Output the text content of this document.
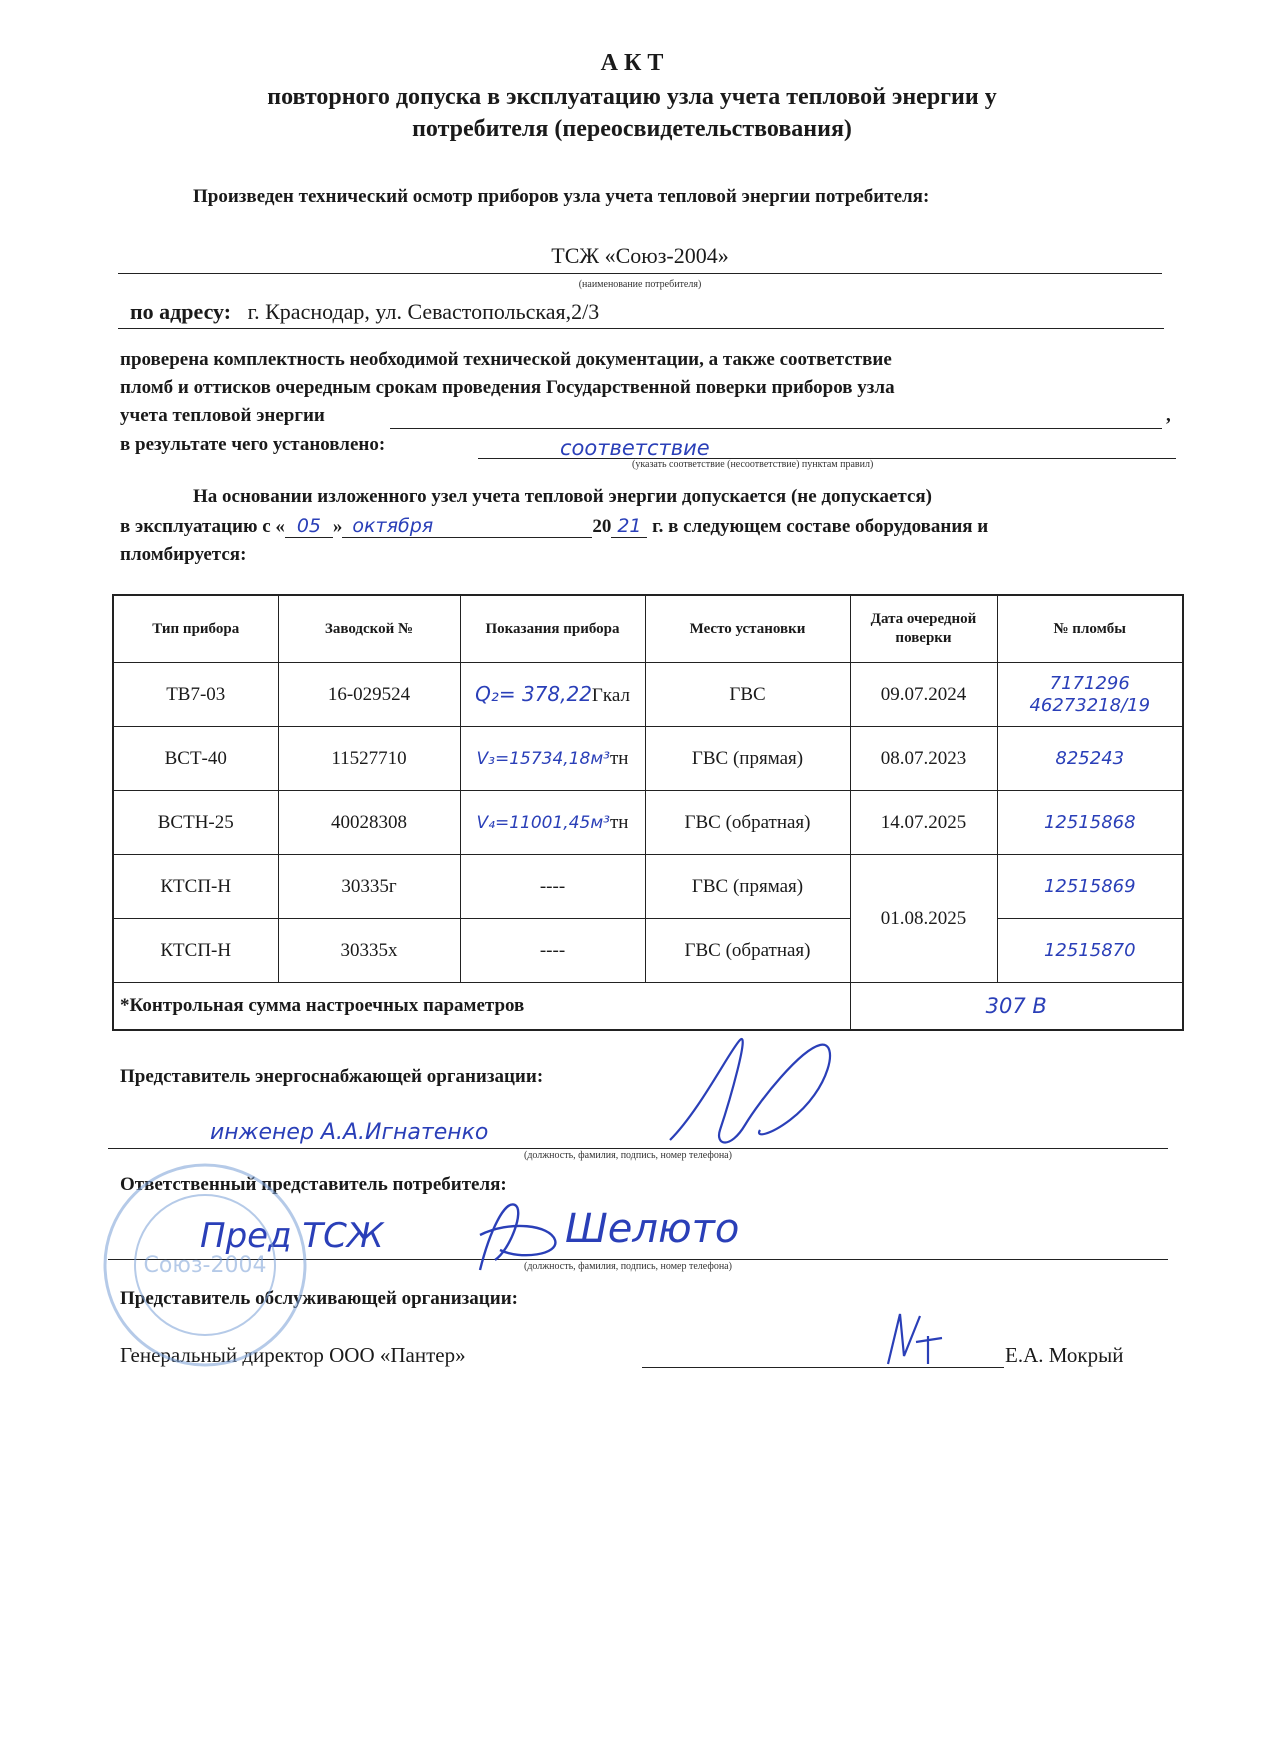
А К Т
повторного допуска в эксплуатацию узла учета тепловой энергии у
потребителя (переосвидетельствования)
Произведен технический осмотр приборов узла учета тепловой энергии потребителя:
ТСЖ «Союз-2004»
(наименование потребителя)
по адресу: г. Краснодар, ул. Севастопольская,2/3
проверена комплектность необходимой технической документации, а также соответствие
пломб и оттисков очередным срокам проведения Государственной поверки приборов узла
учета тепловой энергии	,
в результате чего установлено:	соответствие
(указать соответствие (несоответствие) пунктам правил)
На основании изложенного узел учета тепловой энергии допускается (не допускается)
в эксплуатацию с « 05 » октября	20 21 г. в следующем составе оборудования и
пломбируется:
Тип прибора	Заводской №	Показания прибора	Место установки	Дата очередной поверки	№ пломбы
ТВ7-03	16-029524	Q₂= 378,22Гкал	ГВС	09.07.2024	7171296
46273218/19

ВСТ-40	11527710	V₃=15734,18м³тн	ГВС (прямая)	08.07.2023	825243

ВСТН-25	40028308	V₄=11001,45м³тн	ГВС (обратная)	14.07.2025	12515868

КТСП-Н	30335г	----	ГВС (прямая)	01.08.2025	12515869

КТСП-Н	30335х	----	ГВС (обратная)		12515870

*Контрольная сумма настроечных параметров				307 B	
Представитель энергоснабжающей организации:
инженер А.А.Игнатенко
(должность, фамилия, подпись, номер телефона)
Ответственный представитель потребителя:
Пред ТСЖ	Шелюто
(должность, фамилия, подпись, номер телефона)
Представитель обслуживающей организации:
Генеральный директор ООО «Пантер»	Е.А. Мокрый
Союз-2004
